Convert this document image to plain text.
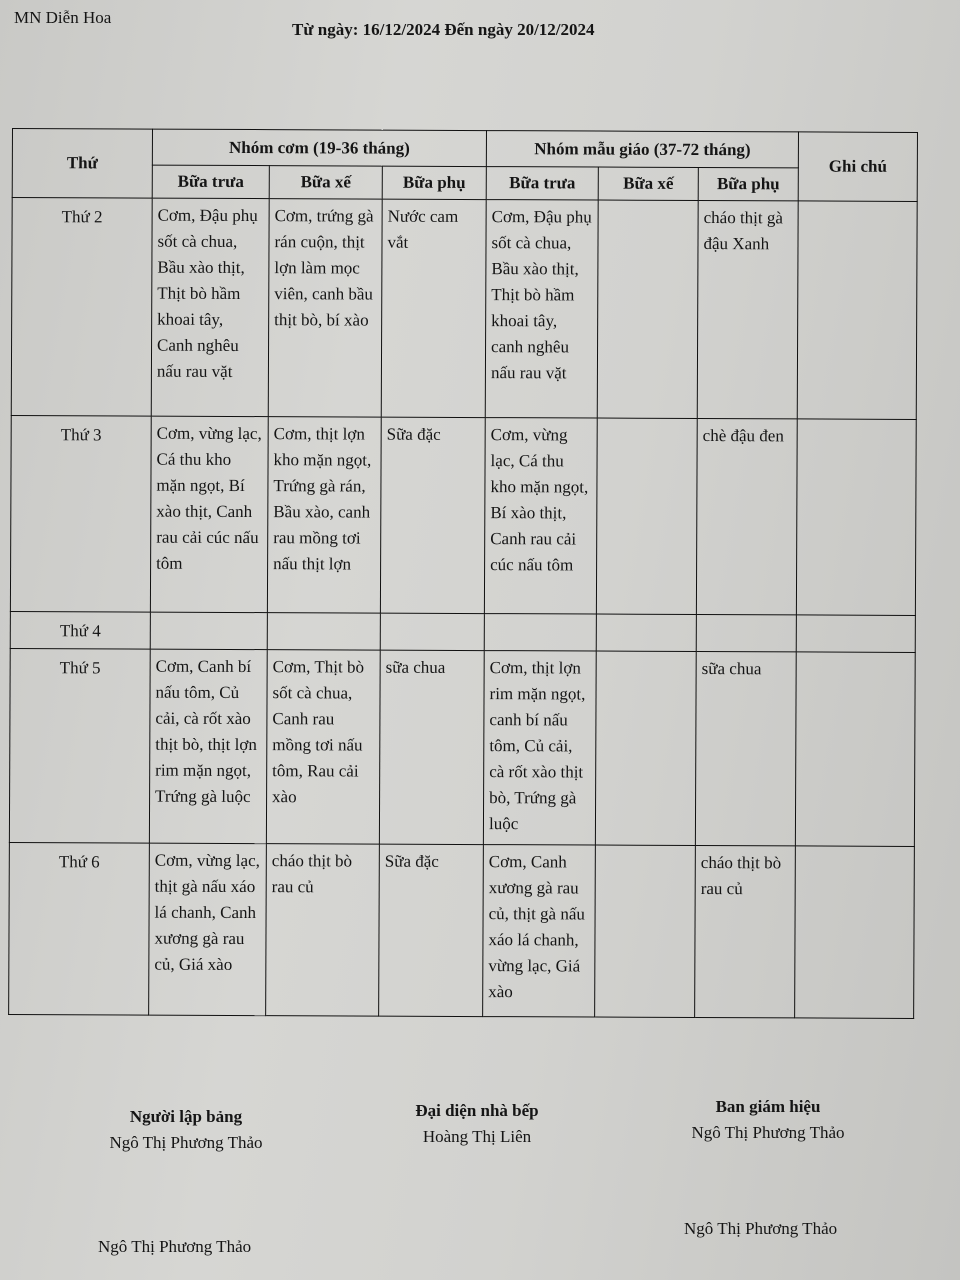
MN Diễn Hoa
Từ ngày: 16/12/2024 Đến ngày 20/12/2024
Thứ	Nhóm cơm (19-36 tháng)			Nhóm mẫu giáo (37-72 tháng)			Ghi chú
	Bữa trưa	Bữa xế	Bữa phụ	Bữa trưa	Bữa xế	Bữa phụ	
Thứ 2	Cơm, Đậu phụ sốt cà chua, Bầu xào thịt, Thịt bò hầm khoai tây, Canh nghêu nấu rau vặt	Cơm, trứng gà rán cuộn, thịt lợn làm mọc viên, canh bầu thịt bò, bí xào	Nước cam vắt	Cơm, Đậu phụ sốt cà chua, Bầu xào thịt, Thịt bò hầm khoai tây, canh nghêu nấu rau vặt		cháo thịt gà đậu Xanh	
Thứ 3	Cơm, vừng lạc, Cá thu kho mặn ngọt, Bí xào thịt, Canh rau cải cúc nấu tôm	Cơm, thịt lợn kho mặn ngọt, Trứng gà rán, Bầu xào, canh rau mồng tơi nấu thịt lợn	Sữa đặc	Cơm, vừng lạc, Cá thu kho mặn ngọt, Bí xào thịt, Canh rau cải cúc nấu tôm		chè đậu đen	
Thứ 4							
Thứ 5	Cơm, Canh bí nấu tôm, Củ cải, cà rốt xào thịt bò, thịt lợn rim mặn ngọt, Trứng gà luộc	Cơm, Thịt bò sốt cà chua, Canh rau mồng tơi nấu tôm, Rau cải xào	sữa chua	Cơm, thịt lợn rim mặn ngọt, canh bí nấu tôm, Củ cải, cà rốt xào thịt bò, Trứng gà luộc		sữa chua	
Thứ 6	Cơm, vừng lạc, thịt gà nấu xáo lá chanh, Canh xương gà rau củ, Giá xào	cháo thịt bò rau củ	Sữa đặc	Cơm, Canh xương gà rau củ, thịt gà nấu xáo lá chanh, vừng lạc, Giá xào		cháo thịt bò rau củ	
Người lập bảng
Ngô Thị Phương Thảo
Đại diện nhà bếp
Hoàng Thị Liên
Ban giám hiệu
Ngô Thị Phương Thảo
Ngô Thị Phương Thảo
Ngô Thị Phương Thảo
